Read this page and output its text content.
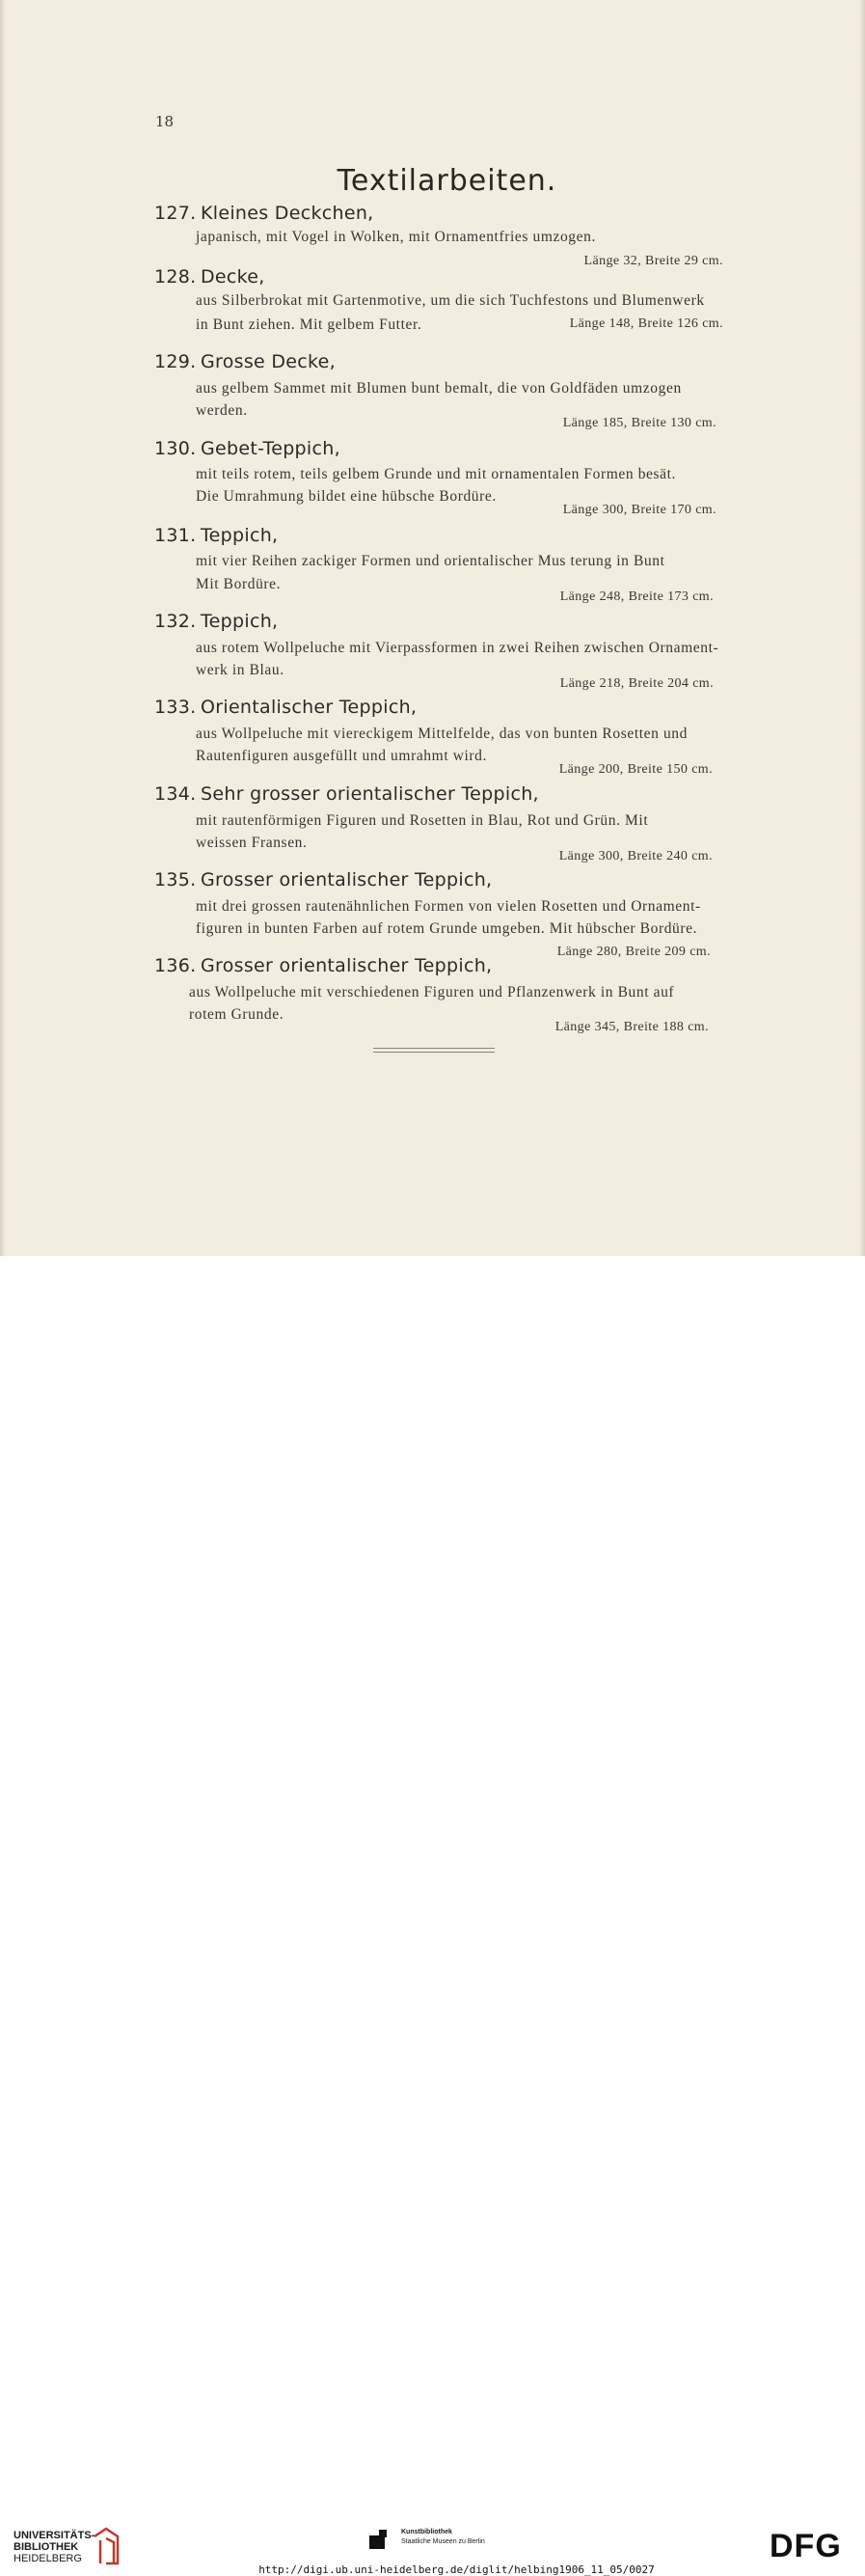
18
Textilarbeiten.
127. Kleines Deckchen,
japanisch, mit Vogel in Wolken, mit Ornamentfries umzogen.
Länge 32, Breite 29 cm.
128. Decke,
aus Silberbrokat mit Gartenmotive, um die sich Tuchfestons und Blumenwerk
in Bunt ziehen. Mit gelbem Futter.	Länge 148, Breite 126 cm.
129. Grosse Decke,
aus gelbem Sammet mit Blumen bunt bemalt, die von Goldfäden umzogen
werden.
Länge 185, Breite 130 cm.
130. Gebet-Teppich,
mit teils rotem, teils gelbem Grunde und mit ornamentalen Formen besät.
Die Umrahmung bildet eine hübsche Bordüre.
Länge 300, Breite 170 cm.
131. Teppich,
mit vier Reihen zackiger Formen und orientalischer Mus terung in Bunt
Mit Bordüre.
Länge 248, Breite 173 cm.
132. Teppich,
aus rotem Wollpeluche mit Vierpassformen in zwei Reihen zwischen Ornament-
werk in Blau.
Länge 218, Breite 204 cm.
133. Orientalischer Teppich,
aus Wollpeluche mit viereckigem Mittelfelde, das von bunten Rosetten und
Rautenfiguren ausgefüllt und umrahmt wird.
Länge 200, Breite 150 cm.
134. Sehr grosser orientalischer Teppich,
mit rautenförmigen Figuren und Rosetten in Blau, Rot und Grün. Mit
weissen Fransen.
Länge 300, Breite 240 cm.
135. Grosser orientalischer Teppich,
mit drei grossen rautenähnlichen Formen von vielen Rosetten und Ornament-
figuren in bunten Farben auf rotem Grunde umgeben. Mit hübscher Bordüre.
Länge 280, Breite 209 cm.
136. Grosser orientalischer Teppich,
aus Wollpeluche mit verschiedenen Figuren und Pflanzenwerk in Bunt auf
rotem Grunde.
Länge 345, Breite 188 cm.
UNIVERSITÄTS-
BIBLIOTHEK
HEIDELBERG
Kunstbibliothek
Staatliche Museen zu Berlin	DFG
http://digi.ub.uni-heidelberg.de/diglit/helbing1906_11_05/0027
